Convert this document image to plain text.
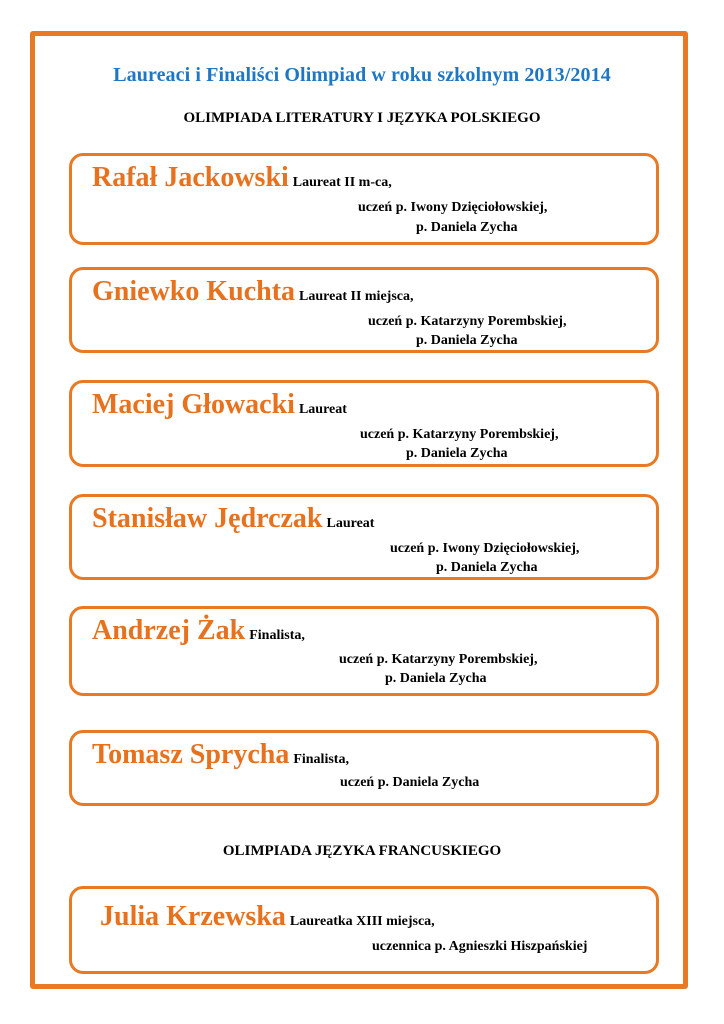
Laureaci i Finaliści Olimpiad w roku szkolnym 2013/2014
OLIMPIADA LITERATURY I JĘZYKA POLSKIEGO
Rafał Jackowski Laureat II m-ca,
uczeń p. Iwony Dzięciołowskiej,
p. Daniela Zycha
Gniewko Kuchta Laureat II miejsca,
uczeń p. Katarzyny Porembskiej,
p. Daniela Zycha
Maciej Głowacki Laureat
uczeń p. Katarzyny Porembskiej,
p. Daniela Zycha
Stanisław Jędrczak Laureat
uczeń p. Iwony Dzięciołowskiej,
p. Daniela Zycha
Andrzej Żak Finalista,
uczeń p. Katarzyny Porembskiej,
p. Daniela Zycha
Tomasz Sprycha Finalista,
uczeń p. Daniela Zycha
OLIMPIADA JĘZYKA FRANCUSKIEGO
Julia Krzewska Laureatka XIII miejsca,
uczennica p. Agnieszki Hiszpańskiej
